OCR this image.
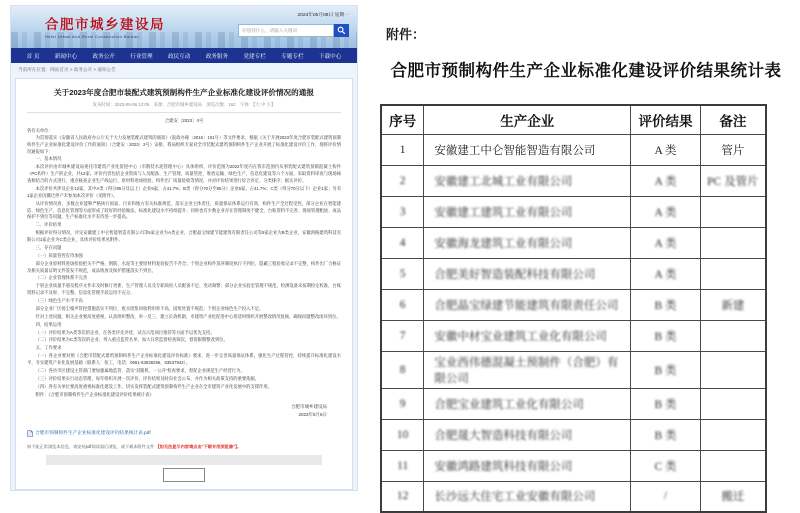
合肥市城乡建设局
Hefei Urban And Rural Construction Bureau
2023年05月08日 星期一
你想找什么，请输入关键词
首 页	新闻中心	政务公开	行业管理	政民互动	政务服务	党建专栏	专题专栏	下载中心
当前所在位置：网站首页 > 政务公开 > 通知公告
关于2023年度合肥市装配式建筑预制构件生产企业标准化建设评价情况的通报
发布时间：2023-05-06 12:05　来源：合肥市城乡建设局　浏览次数：162　字体：【大 中 小】
合建安〔2023〕4号
各有关单位：

为贯彻落实《安徽省人民政府办公厅关于大力发展装配式建筑的通知》（皖政办秘〔2016〕101号）等文件要求，根据《关于开展2023年度合肥市装配式建筑预制构件生产企业标准化建设评价工作的通知》（合建安〔2023〕2号）安排，我局组织专家对全市装配式建筑预制构件生产企业开展了标准化建设评价工作，现将评价情况通报如下：

一、基本情况

本次评价由市城乡建设局委托市建筑产业化促进中心（市散装水泥管理中心）具体组织，评价范围为2022年度内在我市范围内从事装配式建筑预制混凝土构件（PC构件）生产的企业，共12家。评价内容包括企业资质与人员配备、生产管理、质量管控、堆放运输、绿色生产、信息化建设等六个方面，采取资料审查与现场核查相结合的方式进行，重点核查企业生产线运行、原材料进场检验、构件出厂质量验收等情况，并对评价结果进行综合评定、分类排序、据实评价。

本次评价共涉及企业12家，其中A类（得分85分及以上）企业5家，占41.7%；B类（得分70分至85分）企业5家，占41.7%；C类（得分70分以下）企业1家；另有1家企业因搬迁停产未参加本次评价（见附件）。

从评价情况看，多数企业能够严格执行国家、行业和地方有关标准规范，落实企业主体责任，质量保证体系运行有效，构件生产全过程受控，部分企业在智能建造、绿色生产、信息化管理等方面形成了较好的经验做法，标准化建设水平持续提升；同时也有少数企业存在管理制度不健全、台账资料不完善、现场管理粗放、成品保护不到位等问题，生产标准化水平有待进一步提高。

二、评价结果

根据评价得分情况，评定安徽建工中仑智能智造有限公司等5家企业为A类企业，合肥晶宝绿建节能建筑有限责任公司等5家企业为B类企业，安徽鸿路建筑科技有限公司1家企业为C类企业，具体评价结果见附件。

三、存在问题

（一）质量管控有待加强

部分企业原材料进场检验把关不严格，钢筋、水泥等主要原材料复验报告不齐全；个别企业构件蒸养制度执行不到位，隐蔽工程验收记录不完整，构件出厂合格证及相关质量证明文件签发不规范，成品堆放及保护措施落实不到位。

（二）企业管理体系不完善

个别企业质量手册及程序文件未及时修订更新，生产管理人员及专职质检人员配备不足、变动频繁；部分企业实验室管理不规范，检测设备未按期检定校准，台账资料记录不及时、不完整，信息化管理手段运用不充分。

（三）绿色生产水平不高

部分企业厂区扬尘噪声管控措施落实不到位，废水废浆回收利用率不高，固废处置不规范；个别企业绿色生产投入不足。

针对上述问题，相关企业要高度重视，认真组织整改，举一反三、建立长效机制，市建筑产业化促进中心将适时组织开展整改情况复核，确保问题整改闭环到位。

四、结果运用

（一）评价结果为A类等次的企业，在各类评先评优、试点示范项目推荐等方面予以优先支持。

（二）评价结果为C类等次的企业，列入重点监管名单，加大日常监督检查频次，督促限期整改到位。

五、工作要求

（一）各企业要对照《合肥市装配式建筑预制构件生产企业标准化建设评价标准》要求，进一步完善质量保证体系，强化生产过程管控，持续提升标准化建设水平，夯实建筑产业化发展基础（联系人：张工，电话：0551-63538296、63537942）。

（二）各县市区建设主管部门要加强属地监管，落实“双随机、一公开”检查要求，督促企业规范生产经营行为。

（三）评价结果实行动态管理，每年组织开展一次评价，评价结果及时向社会公布，并作为相关政策支持的重要依据。

（四）各有关单位要高度重视标准化建设工作，切实发挥装配式建筑预制构件生产企业在全市建筑产业化发展中的支撑作用。

附件：《合肥市预制构件生产企业标准化建设评价结果统计表》

合肥市城乡建设局
2023年5月6日
合肥市预制构件生产企业标准化建设评价结果统计表.pdf
如不能正常浏览本信息，请安装pdf阅读器后浏览，或下载本附件文件 【如无法显示内容请点击“下载专用浏览器”】。
附件：
合肥市预制构件生产企业标准化建设评价结果统计表
序号	生产企业	评价结果	备注
1	安徽建工中仑智能智造有限公司	A 类	管片
2	安徽建工北城工业有限公司	A 类	PC 及管片
3	安徽建工建筑工业有限公司	A 类	
4	安徽海龙建筑工业有限公司	A 类	
5	合肥美好智造装配科技有限公司	A 类	
6	合肥晶宝绿建节能建筑有限责任公司	B 类	新建
7	安徽中材宝业建筑工业化有限公司	B 类	
8	宝业西伟德混凝土预制件（合肥）有限公司	B 类	
9	合肥宝业建筑工业化有限公司	B 类	
10	合肥晟大智造科技有限公司	B 类	
11	安徽鸿路建筑科技有限公司	C 类	
12	长沙远大住宅工业安徽有限公司	/	搬迁
